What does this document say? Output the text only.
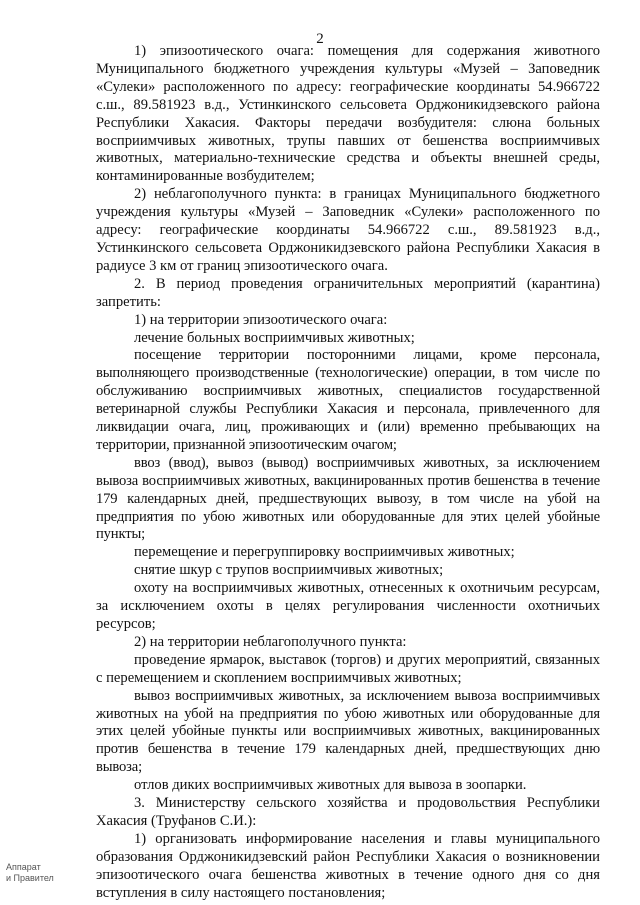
2

1) эпизоотического очага: помещения для содержания животного Муниципального бюджетного учреждения культуры «Музей – Заповедник «Сулеки» расположенного по адресу: географические координаты 54.966722 с.ш., 89.581923 в.д., Устинкинского сельсовета Орджоникидзевского района Республики Хакасия. Факторы передачи возбудителя: слюна больных восприимчивых животных, трупы павших от бешенства восприимчивых животных, материально-технические средства и объекты внешней среды, контаминированные возбудителем;

2) неблагополучного пункта: в границах Муниципального бюджетного учреждения культуры «Музей – Заповедник «Сулеки» расположенного по адресу: географические координаты 54.966722 с.ш., 89.581923 в.д., Устинкинского сельсовета Орджоникидзевского района Республики Хакасия в радиусе 3 км от границ эпизоотического очага.

2. В период проведения ограничительных мероприятий (карантина) запретить:

1) на территории эпизоотического очага:

лечение больных восприимчивых животных;

посещение территории посторонними лицами, кроме персонала, выполняющего производственные (технологические) операции, в том числе по обслуживанию восприимчивых животных, специалистов государственной ветеринарной службы Республики Хакасия и персонала, привлеченного для ликвидации очага, лиц, проживающих и (или) временно пребывающих на территории, признанной эпизоотическим очагом;

ввоз (ввод), вывоз (вывод) восприимчивых животных, за исключением вывоза восприимчивых животных, вакцинированных против бешенства в течение 179 календарных дней, предшествующих вывозу, в том числе на убой на предприятия по убою животных или оборудованные для этих целей убойные пункты;

перемещение и перегруппировку восприимчивых животных;

снятие шкур с трупов восприимчивых животных;

охоту на восприимчивых животных, отнесенных к охотничьим ресурсам, за исключением охоты в целях регулирования численности охотничьих ресурсов;

2) на территории неблагополучного пункта:

проведение ярмарок, выставок (торгов) и других мероприятий, связанных с перемещением и скоплением восприимчивых животных;

вывоз восприимчивых животных, за исключением вывоза восприимчивых животных на убой на предприятия по убою животных или оборудованные для этих целей убойные пункты или восприимчивых животных, вакцинированных против бешенства в течение 179 календарных дней, предшествующих дню вывоза;

отлов диких восприимчивых животных для вывоза в зоопарки.

3. Министерству сельского хозяйства и продовольствия Республики Хакасия (Труфанов С.И.):

1) организовать информирование населения и главы муниципального образования Орджоникидзевский район Республики Хакасия о возникновении эпизоотического очага бешенства животных в течение одного дня со дня вступления в силу настоящего постановления;

Аппарат
и Правител
